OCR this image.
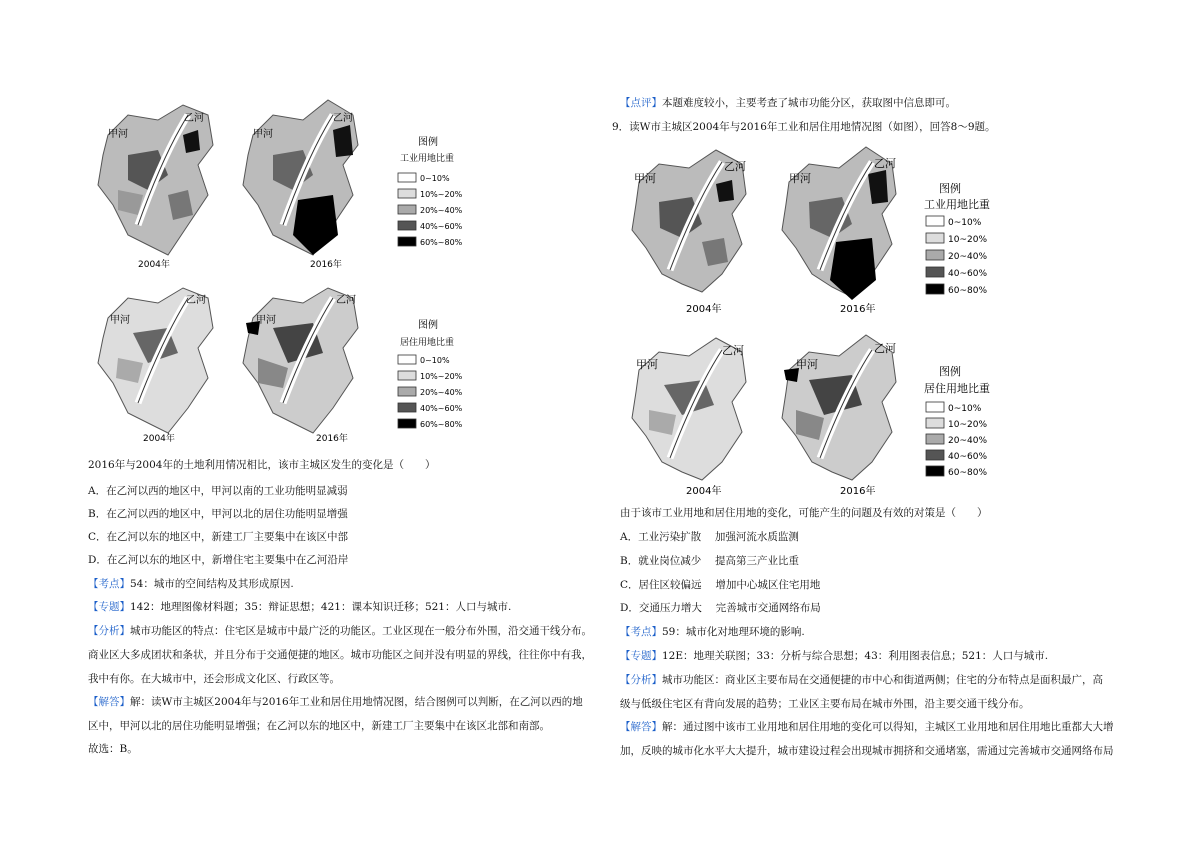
甲河
乙河
2004年
甲河
乙河
2016年
图例
工业用地比重
0~10%
10%~20%
20%~40%
40%~60%
60%~80%
甲河
乙河
2004年
甲河
乙河
2016年
图例
居住用地比重
0~10%
10%~20%
20%~40%
40%~60%
60%~80%
2016年与2004年的土地利用情况相比，该市主城区发生的变化是（　　）
A．在乙河以西的地区中，甲河以南的工业功能明显减弱
B．在乙河以西的地区中，甲河以北的居住功能明显增强
C．在乙河以东的地区中，新建工厂主要集中在该区中部
D．在乙河以东的地区中，新增住宅主要集中在乙河沿岸
【考点】54：城市的空间结构及其形成原因.
【专题】142：地理图像材料题；35：辩证思想；421：课本知识迁移；521：人口与城市.
【分析】城市功能区的特点：住宅区是城市中最广泛的功能区。工业区现在一般分布外围，沿交通干线分布。
商业区大多成团状和条状，并且分布于交通便捷的地区。城市功能区之间并没有明显的界线，往往你中有我，
我中有你。在大城市中，还会形成文化区、行政区等。
【解答】解：读W市主城区2004年与2016年工业和居住用地情况图，结合图例可以判断，在乙河以西的地
区中，甲河以北的居住功能明显增强；在乙河以东的地区中，新建工厂主要集中在该区北部和南部。
故选：B。
【点评】本题难度较小，主要考查了城市功能分区，获取图中信息即可。
9．读W市主城区2004年与2016年工业和居住用地情况图（如图），回答8～9题。
甲河
乙河
2004年
甲河
乙河
2016年
图例
工业用地比重
0~10%
10~20%
20~40%
40~60%
60~80%
甲河
乙河
2004年
甲河
乙河
2016年
图例
居住用地比重
0~10%
10~20%
20~40%
40~60%
60~80%
由于该市工业用地和居住用地的变化，可能产生的问题及有效的对策是（　　）
A．工业污染扩散　 加强河流水质监测
B．就业岗位减少　 提高第三产业比重
C．居住区较偏远　 增加中心城区住宅用地
D．交通压力增大　 完善城市交通网络布局
【考点】59：城市化对地理环境的影响.
【专题】12E：地理关联图；33：分析与综合思想；43：利用图表信息；521：人口与城市.
【分析】城市功能区：商业区主要布局在交通便捷的市中心和街道两侧；住宅的分布特点是面积最广，高
级与低级住宅区有背向发展的趋势；工业区主要布局在城市外围，沿主要交通干线分布。
【解答】解：通过图中该市工业用地和居住用地的变化可以得知，主城区工业用地和居住用地比重都大大增
加，反映的城市化水平大大提升，城市建设过程会出现城市拥挤和交通堵塞，需通过完善城市交通网络布局
